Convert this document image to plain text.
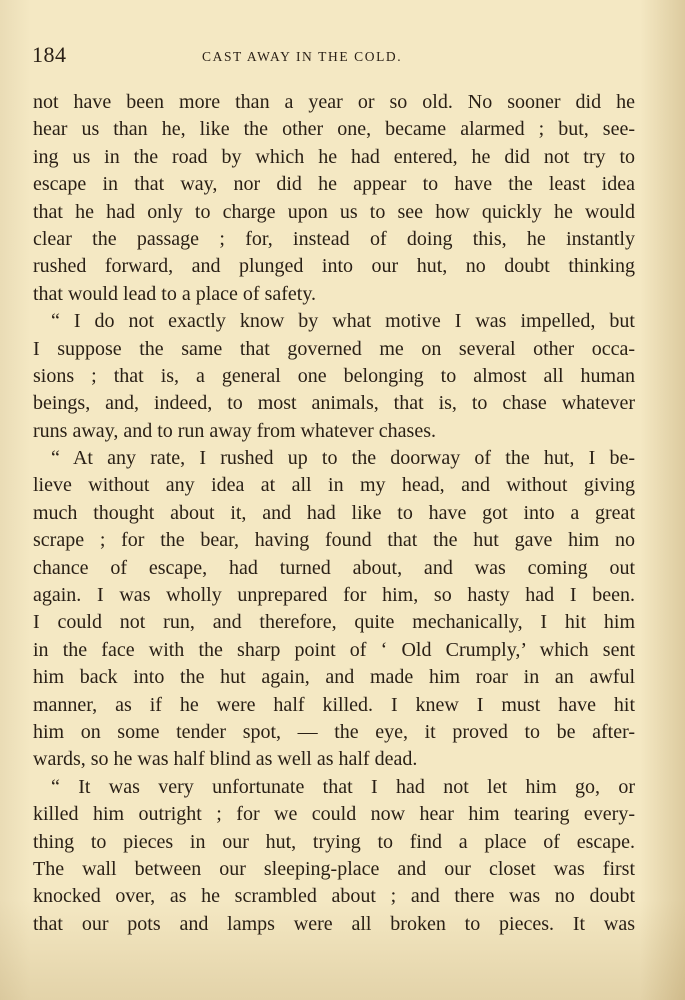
184	CAST AWAY IN THE COLD.
not have been more than a year or so old. No sooner did he
hear us than he, like the other one, became alarmed ; but, see-
ing us in the road by which he had entered, he did not try to
escape in that way, nor did he appear to have the least idea
that he had only to charge upon us to see how quickly he would
clear the passage ; for, instead of doing this, he instantly
rushed forward, and plunged into our hut, no doubt thinking
that would lead to a place of safety.
“ I do not exactly know by what motive I was impelled, but
I suppose the same that governed me on several other occa-
sions ; that is, a general one belonging to almost all human
beings, and, indeed, to most animals, that is, to chase whatever
runs away, and to run away from whatever chases.
“ At any rate, I rushed up to the doorway of the hut, I be-
lieve without any idea at all in my head, and without giving
much thought about it, and had like to have got into a great
scrape ; for the bear, having found that the hut gave him no
chance of escape, had turned about, and was coming out
again. I was wholly unprepared for him, so hasty had I been.
I could not run, and therefore, quite mechanically, I hit him
in the face with the sharp point of ‘ Old Crumply,’ which sent
him back into the hut again, and made him roar in an awful
manner, as if he were half killed. I knew I must have hit
him on some tender spot, — the eye, it proved to be after-
wards, so he was half blind as well as half dead.
“ It was very unfortunate that I had not let him go, or
killed him outright ; for we could now hear him tearing every-
thing to pieces in our hut, trying to find a place of escape.
The wall between our sleeping-place and our closet was first
knocked over, as he scrambled about ; and there was no doubt
that our pots and lamps were all broken to pieces. It was
